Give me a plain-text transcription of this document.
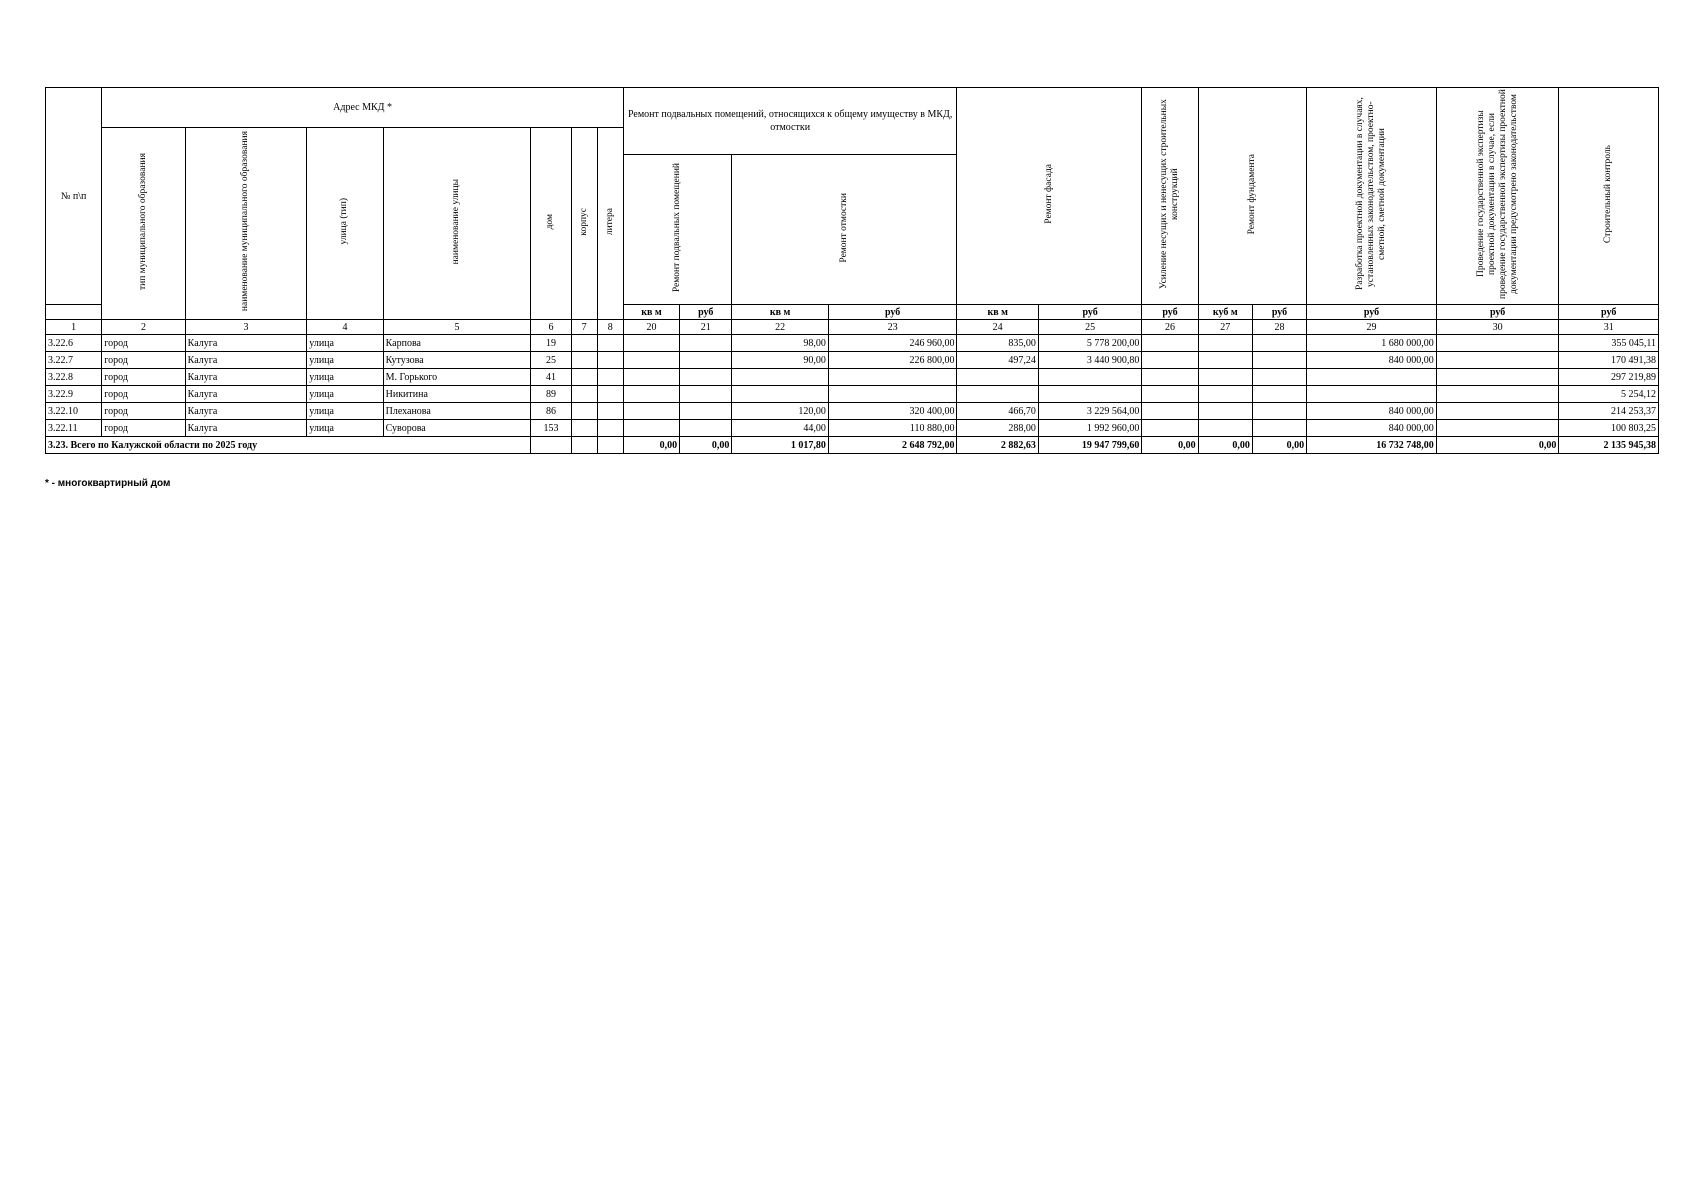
№ п\п	Адрес МКД *							Ремонт подвальных помещений, относящихся к общему имуществу в МКД, отмостки				Ремонт фасада		Усиление несущих и ненесущих строительных конструкций	Ремонт фундамента		Разработка проектной документации в случаях, установленных законодательством, проектно-сметной, сметной документации	Проведение государственной экспертизы проектной документации в случае, если проведение государственной экспертизы проектной документации предусмотрено законодательством	Строительный контроль
	тип муниципального образования	наименование муниципального образования	улица (тип)	наименование улицы	дом	корпус	литера												
								Ремонт подвальных помещений		Ремонт отмостки									
								кв м	руб	кв м	руб	кв м	руб	руб	куб м	руб	руб	руб	руб
1	2	3	4	5	6	7	8	20	21	22	23	24	25	26	27	28	29	30	31
3.22.6	город	Калуга	улица	Карпова	19					98,00	246 960,00	835,00	5 778 200,00				1 680 000,00		355 045,11
3.22.7	город	Калуга	улица	Кутузова	25					90,00	226 800,00	497,24	3 440 900,80				840 000,00		170 491,38
3.22.8	город	Калуга	улица	М. Горького	41														297 219,89
3.22.9	город	Калуга	улица	Никитина	89														5 254,12
3.22.10	город	Калуга	улица	Плеханова	86					120,00	320 400,00	466,70	3 229 564,00				840 000,00		214 253,37
3.22.11	город	Калуга	улица	Суворова	153					44,00	110 880,00	288,00	1 992 960,00				840 000,00		100 803,25
3.23. Всего по Калужской области по 2025 году								0,00	0,00	1 017,80	2 648 792,00	2 882,63	19 947 799,60	0,00	0,00	0,00	16 732 748,00	0,00	2 135 945,38
* - многоквартирный дом
